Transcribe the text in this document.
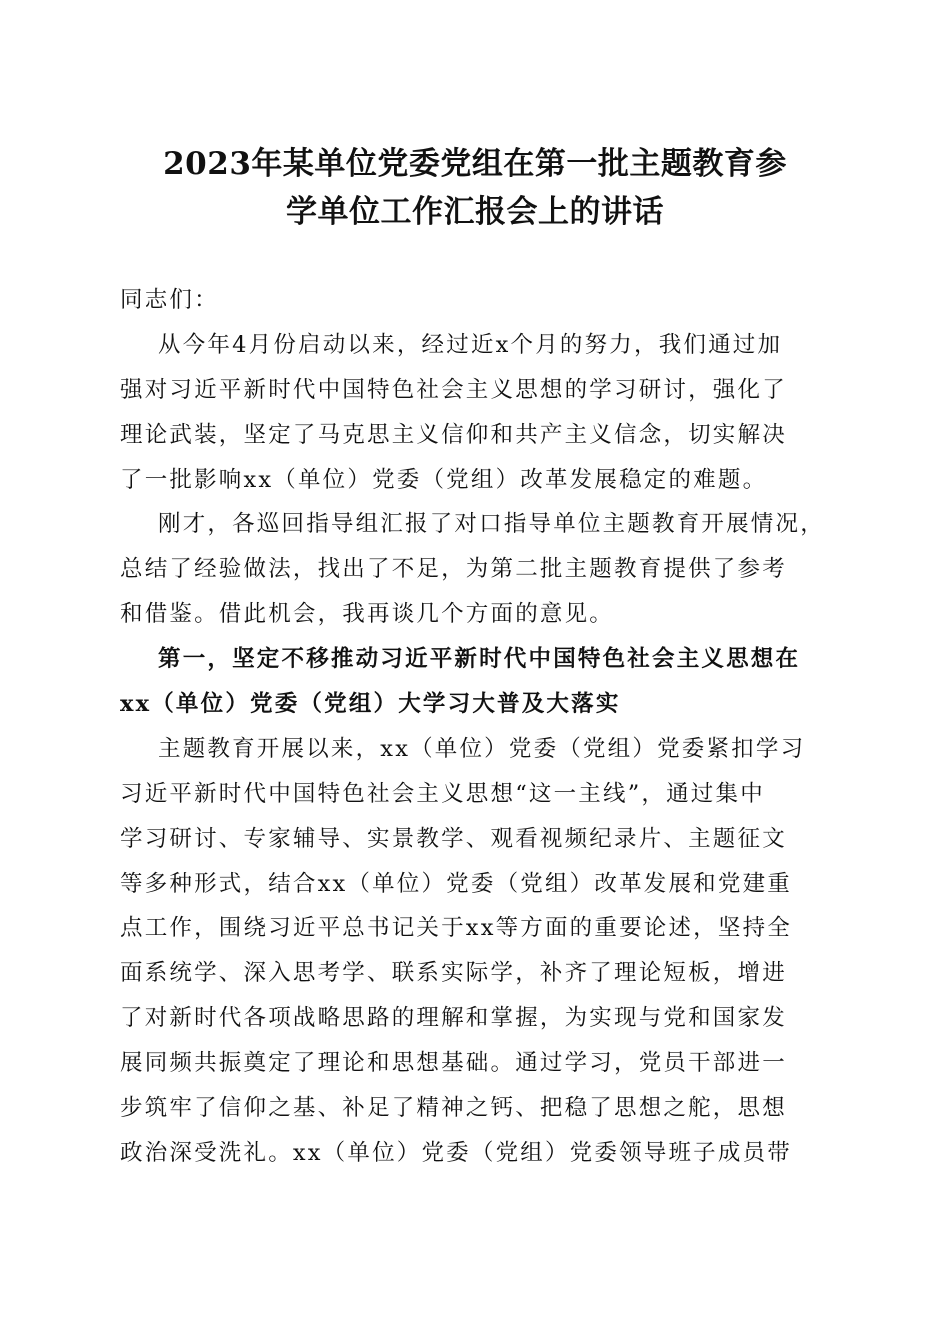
2023年某单位党委党组在第一批主题教育参
学单位工作汇报会上的讲话
同志们：
从今年4月份启动以来，经过近x个月的努力，我们通过加
强对习近平新时代中国特色社会主义思想的学习研讨，强化了
理论武装，坚定了马克思主义信仰和共产主义信念，切实解决
了一批影响xx（单位）党委（党组）改革发展稳定的难题。
刚才，各巡回指导组汇报了对口指导单位主题教育开展情况，
总结了经验做法，找出了不足，为第二批主题教育提供了参考
和借鉴。借此机会，我再谈几个方面的意见。
第一，坚定不移推动习近平新时代中国特色社会主义思想在
xx（单位）党委（党组）大学习大普及大落实
主题教育开展以来，xx（单位）党委（党组）党委紧扣学习
习近平新时代中国特色社会主义思想“这一主线”，通过集中
学习研讨、专家辅导、实景教学、观看视频纪录片、主题征文
等多种形式，结合xx（单位）党委（党组）改革发展和党建重
点工作，围绕习近平总书记关于xx等方面的重要论述，坚持全
面系统学、深入思考学、联系实际学，补齐了理论短板，增进
了对新时代各项战略思路的理解和掌握，为实现与党和国家发
展同频共振奠定了理论和思想基础。通过学习，党员干部进一
步筑牢了信仰之基、补足了精神之钙、把稳了思想之舵，思想
政治深受洗礼。xx（单位）党委（党组）党委领导班子成员带
